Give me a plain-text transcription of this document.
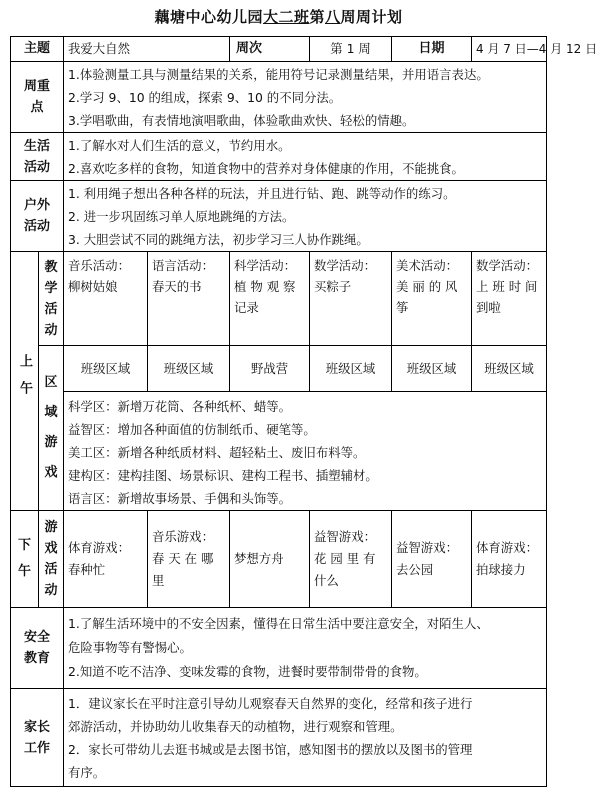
藕塘中心幼儿园大二班第八周周计划
主题		我爱大自然		周次	第 1 周	日期	4 月 7 日—4 月 12 日

周重
点		1.体验测量工具与测量结果的关系，能用符号记录测量结果，并用语言表达。
2.学习 9、10 的组成，探索 9、10 的不同分法。
3.学唱歌曲，有表情地演唱歌曲，体验歌曲欢快、轻松的情趣。					

生活
活动		1.了解水对人们生活的意义，节约用水。
2.喜欢吃多样的食物，知道食物中的营养对身体健康的作用，不能挑食。					

户外
活动		1. 利用绳子想出各种各样的玩法，并且进行钻、跑、跳等动作的练习。
2. 进一步巩固练习单人原地跳绳的方法。
3. 大胆尝试不同的跳绳方法，初步学习三人协作跳绳。					

上午	教
学
活
动	音乐活动：
柳树姑娘	语言活动：
春天的书	科学活动：
植 物 观 察
记录	数学活动：
买粽子	美术活动：
美 丽 的 风
筝	数学活动：
上 班 时 间
到啦

	区
域
游
戏	班级区域	班级区域	野战营	班级区域	班级区域	班级区域

		科学区：新增万花筒、各种纸杯、蜡等。
益智区：增加各种面值的仿制纸币、硬笔等。
美工区：新增各种纸质材料、超轻粘土、废旧布料等。
建构区：建构挂图、场景标识、建构工程书、插塑辅材。
语言区：新增故事场景、手偶和头饰等。					

下
午	游
戏
活
动	体育游戏：
春种忙	音乐游戏：
春 天 在 哪
里	梦想方舟	益智游戏：
花 园 里 有
什么	益智游戏：
去公园	体育游戏：
拍球接力

安全
教育		1.了解生活环境中的不安全因素，懂得在日常生活中要注意安全，对陌生人、
危险事物等有警惕心。
2.知道不吃不洁净、变味发霉的食物，进餐时要带制带骨的食物。					

家长
工作		1．建议家长在平时注意引导幼儿观察春天自然界的变化，经常和孩子进行
郊游活动，并协助幼儿收集春天的动植物，进行观察和管理。
2．家长可带幼儿去逛书城或是去图书馆，感知图书的摆放以及图书的管理
有序。					
